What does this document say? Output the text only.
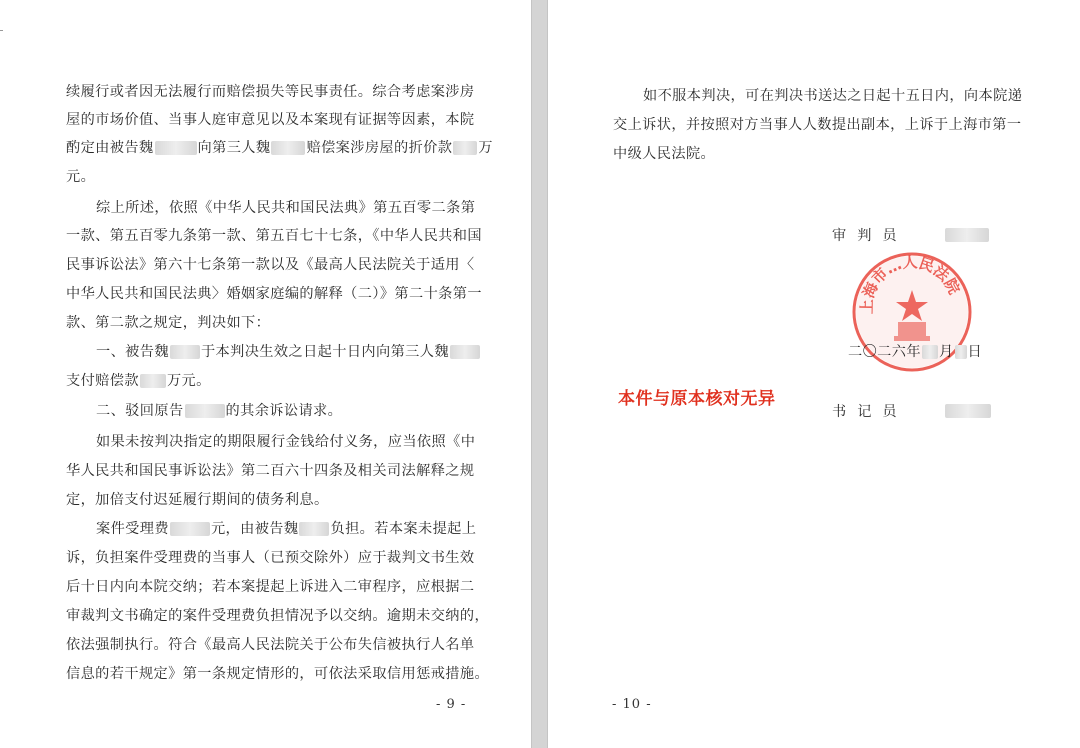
续履行或者因无法履行而赔偿损失等民事责任。综合考虑案涉房
屋的市场价值、当事人庭审意见以及本案现有证据等因素，本院
酌定由被告魏	向第三人魏	赔偿案涉房屋的折价款 万
元。
综上所述，依照《中华人民共和国民法典》第五百零二条第
一款、第五百零九条第一款、第五百七十七条，《中华人民共和国
民事诉讼法》第六十七条第一款以及《最高人民法院关于适用〈
中华人民共和国民法典〉婚姻家庭编的解释（二）》第二十条第一
款、第二款之规定，判决如下：
一、被告魏 于本判决生效之日起十日内向第三人魏
支付赔偿款 万元。
二、驳回原告	的其余诉讼请求。
如果未按判决指定的期限履行金钱给付义务，应当依照《中
华人民共和国民事诉讼法》第二百六十四条及相关司法解释之规
定，加倍支付迟延履行期间的债务利息。
案件受理费	元，由被告魏 负担。若本案未提起上
诉，负担案件受理费的当事人（已预交除外）应于裁判文书生效
后十日内向本院交纳；若本案提起上诉进入二审程序，应根据二
审裁判文书确定的案件受理费负担情况予以交纳。逾期未交纳的，
依法强制执行。符合《最高人民法院关于公布失信被执行人名单
信息的若干规定》第一条规定情形的，可依法采取信用惩戒措施。
- 9 -
如不服本判决，可在判决书送达之日起十五日内，向本院递
交上诉状，并按照对方当事人人数提出副本，上诉于上海市第一
中级人民法院。
审判员
上海市…人民法院
二〇二六年 月 日
本件与原本核对无异
书记员
- 10 -
